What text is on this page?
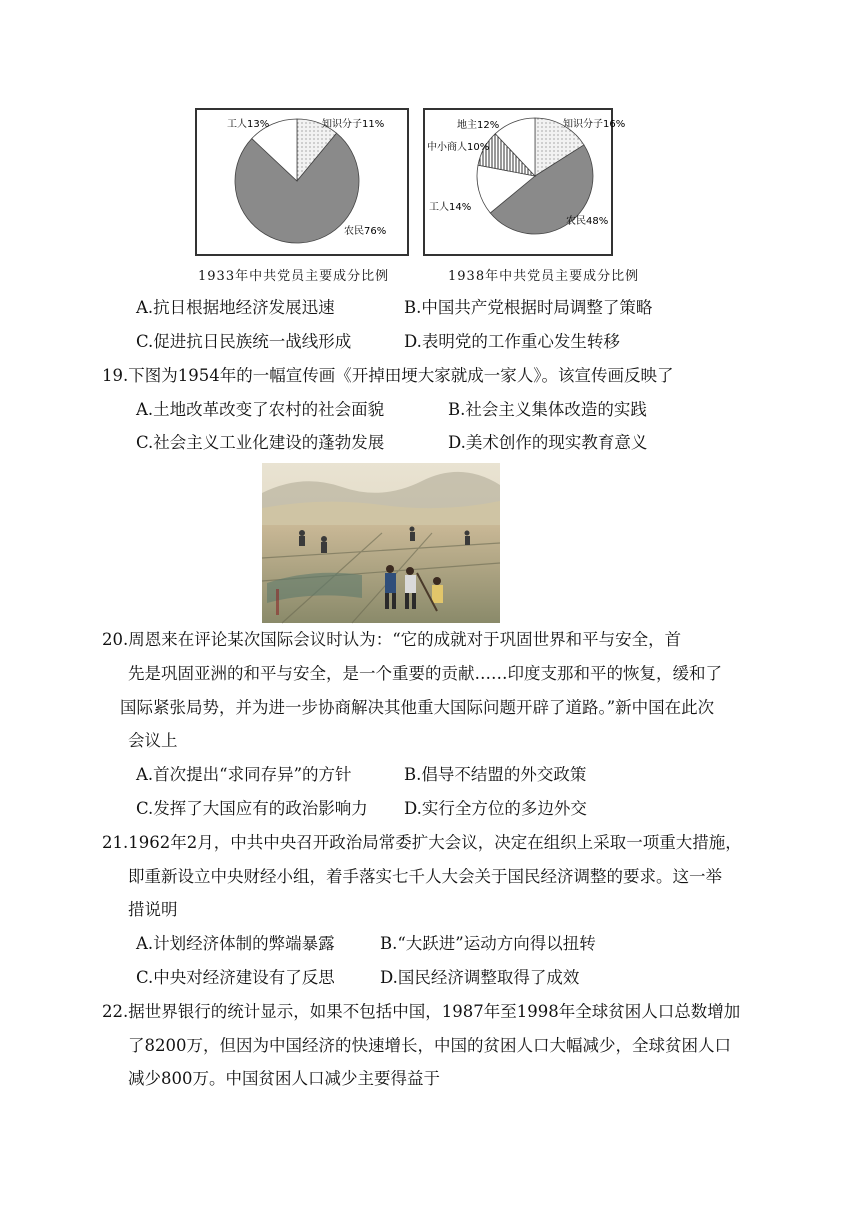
知识分子11%
农民76%
工人13%
1933年中共党员主要成分比例
知识分子16%
农民48%
工人14%
中小商人10%
地主12%
1938年中共党员主要成分比例
A.抗日根据地经济发展迅速	B.中国共产党根据时局调整了策略
C.促进抗日民族统一战线形成	D.表明党的工作重心发生转移
19.下图为1954年的一幅宣传画《开掉田埂大家就成一家人》。该宣传画反映了
A.土地改革改变了农村的社会面貌	B.社会主义集体改造的实践
C.社会主义工业化建设的蓬勃发展	D.美术创作的现实教育意义
20.周恩来在评论某次国际会议时认为：“它的成就对于巩固世界和平与安全，首
先是巩固亚洲的和平与安全，是一个重要的贡献……印度支那和平的恢复，缓和了
国际紧张局势，并为进一步协商解决其他重大国际问题开辟了道路。”新中国在此次
会议上
A.首次提出“求同存异”的方针	B.倡导不结盟的外交政策
C.发挥了大国应有的政治影响力 D.实行全方位的多边外交
21.1962年2月，中共中央召开政治局常委扩大会议，决定在组织上采取一项重大措施，
即重新设立中央财经小组，着手落实七千人大会关于国民经济调整的要求。这一举
措说明
A.计划经济体制的弊端暴露	B.“大跃进”运动方向得以扭转
C.中央对经济建设有了反思	D.国民经济调整取得了成效
22.据世界银行的统计显示，如果不包括中国，1987年至1998年全球贫困人口总数增加
了8200万，但因为中国经济的快速增长，中国的贫困人口大幅减少，全球贫困人口
减少800万。中国贫困人口减少主要得益于
